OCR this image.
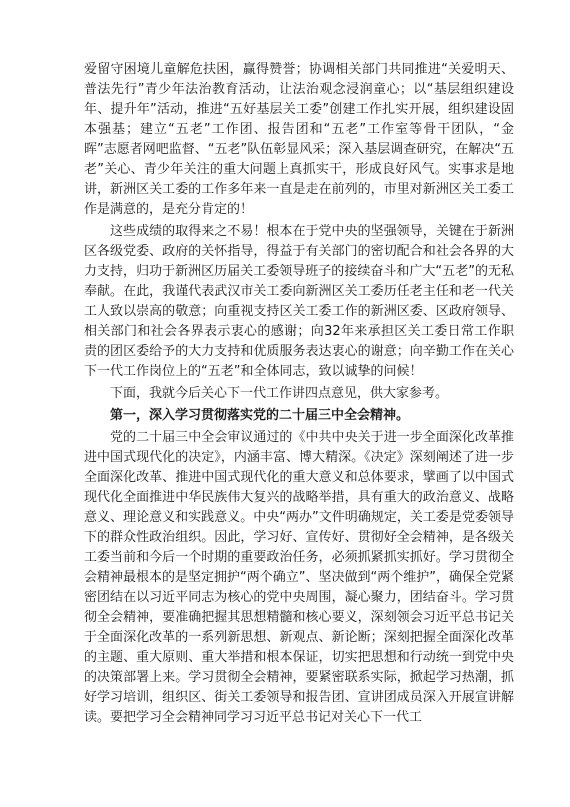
爱留守困境儿童解危扶困，赢得赞誉；协调相关部门共同推进“关爱明天、普法先行”青少年法治教育活动，让法治观念浸润童心；以“基层组织建设年、提升年”活动，推进“五好基层关工委”创建工作扎实开展，组织建设固本强基；建立“五老”工作团、报告团和“五老”工作室等骨干团队，“金晖”志愿者网吧监督、“五老”队伍彰显风采；深入基层调查研究，在解决“五老”关心、青少年关注的重大问题上真抓实干，形成良好风气。实事求是地讲，新洲区关工委的工作多年来一直是走在前列的，市里对新洲区关工委工作是满意的，是充分肯定的！

这些成绩的取得来之不易！根本在于党中央的坚强领导，关键在于新洲区各级党委、政府的关怀指导，得益于有关部门的密切配合和社会各界的大力支持，归功于新洲区历届关工委领导班子的接续奋斗和广大“五老”的无私奉献。在此，我谨代表武汉市关工委向新洲区关工委历任老主任和老一代关工人致以崇高的敬意；向重视支持区关工委工作的新洲区委、区政府领导、相关部门和社会各界表示衷心的感谢；向32年来承担区关工委日常工作职责的团区委给予的大力支持和优质服务表达衷心的谢意；向辛勤工作在关心下一代工作岗位上的“五老”和全体同志，致以诚挚的问候！

下面，我就今后关心下一代工作讲四点意见，供大家参考。

第一，深入学习贯彻落实党的二十届三中全会精神。

党的二十届三中全会审议通过的《中共中央关于进一步全面深化改革推进中国式现代化的决定》，内涵丰富、博大精深。《决定》深刻阐述了进一步全面深化改革、推进中国式现代化的重大意义和总体要求，擘画了以中国式现代化全面推进中华民族伟大复兴的战略举措，具有重大的政治意义、战略意义、理论意义和实践意义。中央“两办”文件明确规定，关工委是党委领导下的群众性政治组织。因此，学习好、宣传好、贯彻好全会精神，是各级关工委当前和今后一个时期的重要政治任务，必须抓紧抓实抓好。学习贯彻全会精神最根本的是坚定拥护“两个确立”、坚决做到“两个维护”，确保全党紧密团结在以习近平同志为核心的党中央周围，凝心聚力，团结奋斗。学习贯彻全会精神，要准确把握其思想精髓和核心要义，深刻领会习近平总书记关于全面深化改革的一系列新思想、新观点、新论断；深刻把握全面深化改革的主题、重大原则、重大举措和根本保证，切实把思想和行动统一到党中央的决策部署上来。学习贯彻全会精神，要紧密联系实际，掀起学习热潮，抓好学习培训，组织区、街关工委领导和报告团、宣讲团成员深入开展宣讲解读。要把学习全会精神同学习习近平总书记对关心下一代工
